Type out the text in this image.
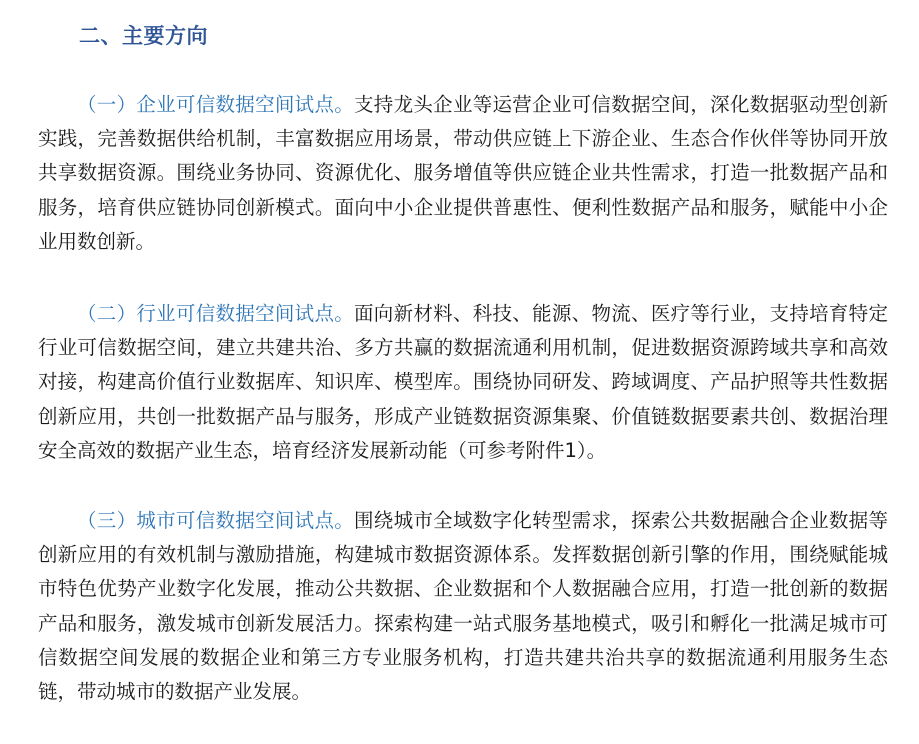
二、主要方向

（一）企业可信数据空间试点。支持龙头企业等运营企业可信数据空间，深化数据驱动型创新实践，完善数据供给机制，丰富数据应用场景，带动供应链上下游企业、生态合作伙伴等协同开放共享数据资源。围绕业务协同、资源优化、服务增值等供应链企业共性需求，打造一批数据产品和服务，培育供应链协同创新模式。面向中小企业提供普惠性、便利性数据产品和服务，赋能中小企业用数创新。

（二）行业可信数据空间试点。面向新材料、科技、能源、物流、医疗等行业，支持培育特定行业可信数据空间，建立共建共治、多方共赢的数据流通利用机制，促进数据资源跨域共享和高效对接，构建高价值行业数据库、知识库、模型库。围绕协同研发、跨域调度、产品护照等共性数据创新应用，共创一批数据产品与服务，形成产业链数据资源集聚、价值链数据要素共创、数据治理安全高效的数据产业生态，培育经济发展新动能（可参考附件1）。

（三）城市可信数据空间试点。围绕城市全域数字化转型需求，探索公共数据融合企业数据等创新应用的有效机制与激励措施，构建城市数据资源体系。发挥数据创新引擎的作用，围绕赋能城市特色优势产业数字化发展，推动公共数据、企业数据和个人数据融合应用，打造一批创新的数据产品和服务，激发城市创新发展活力。探索构建一站式服务基地模式，吸引和孵化一批满足城市可信数据空间发展的数据企业和第三方专业服务机构，打造共建共治共享的数据流通利用服务生态链，带动城市的数据产业发展。
